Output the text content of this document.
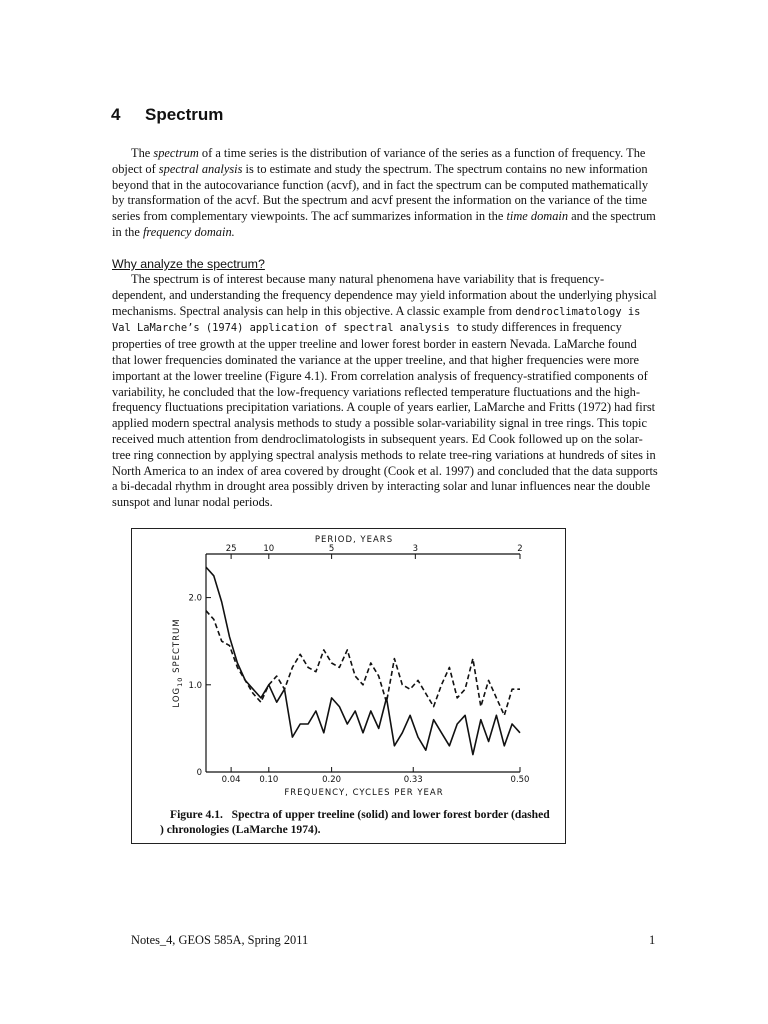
4 Spectrum

The spectrum of a time series is the distribution of variance of the series as a function of frequency. The object of spectral analysis is to estimate and study the spectrum. The spectrum contains no new information beyond that in the autocovariance function (acvf), and in fact the spectrum can be computed mathematically by transformation of the acvf. But the spectrum and acvf present the information on the variance of the time series from complementary viewpoints. The acf summarizes information in the time domain and the spectrum in the frequency domain.

Why analyze the spectrum?

The spectrum is of interest because many natural phenomena have variability that is frequency-dependent, and understanding the frequency dependence may yield information about the underlying physical mechanisms. Spectral analysis can help in this objective. A classic example from dendroclimatology is Val LaMarche’s (1974) application of spectral analysis to study differences in frequency properties of tree growth at the upper treeline and lower forest border in eastern Nevada. LaMarche found that lower frequencies dominated the variance at the upper treeline, and that higher frequencies were more important at the lower treeline (Figure 4.1). From correlation analysis of frequency-stratified components of variability, he concluded that the low-frequency variations reflected temperature fluctuations and the high-frequency fluctuations precipitation variations. A couple of years earlier, LaMarche and Fritts (1972) had first applied modern spectral analysis methods to study a possible solar-variability signal in tree rings. This topic received much attention from dendroclimatologists in subsequent years. Ed Cook followed up on the solar-tree ring connection by applying spectral analysis methods to relate tree-ring variations at hundreds of sites in North America to an index of area covered by drought (Cook et al. 1997) and concluded that the data supports a bi-decadal rhythm in drought area possibly driven by interacting solar and lunar influences near the double sunspot and lunar nodal periods.

PERIOD, YEARS
2.0
1.0
0
0.04 0.10	0.20	0.33	0.50
25	10	5	3	2
$LOG_{10}$ SPECTRUM
FREQUENCY, CYCLES PER YEAR
Figure 4.1. Spectra of upper treeline (solid) and lower forest border (dashed ) chronologies (LaMarche 1974).
Notes_4, GEOS 585A, Spring 2011	1
